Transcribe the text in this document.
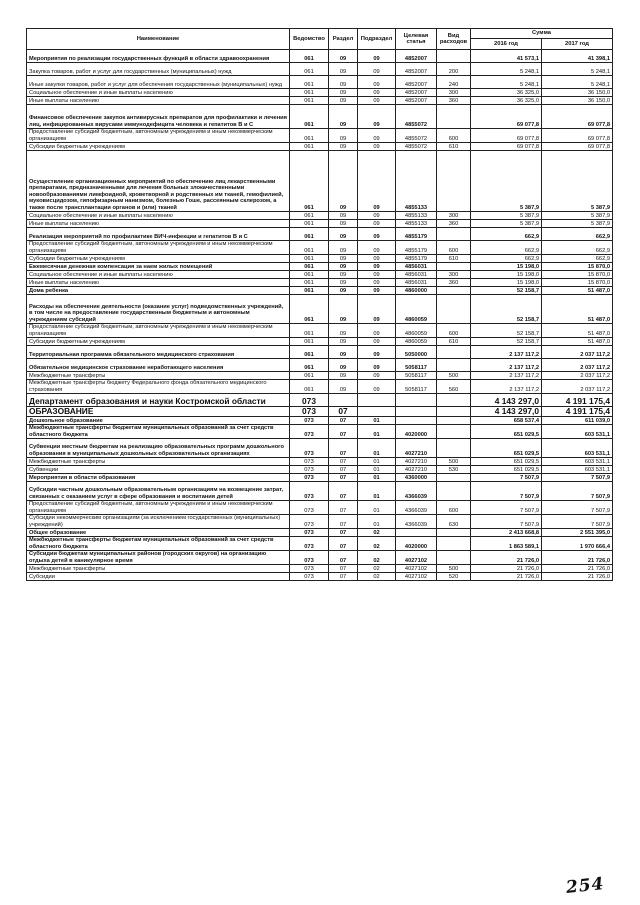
Наименование	Ведомство	Раздел	Подраздел	Целевая статья	Вид расходов	Сумма	
						2016 год	2017 год
Мероприятия по реализации государственных функций в области здравоохранения	061	09	09	4852007		41 573,1	41 398,1
Закупка товаров, работ и услуг для государственных (муниципальных) нужд	061	09	09	4852007	200	5 248,1	5 248,1
Иные закупки товаров, работ и услуг для обеспечения государственных (муниципальных) нужд	061	09	09	4852007	240	5 248,1	5 248,1
Социальное обеспечение и иные выплаты населению	061	09	09	4852007	300	36 325,0	36 150,0
Иные выплаты населению	061	09	09	4852007	360	36 325,0	36 150,0
Финансовое обеспечение закупок антивирусных препаратов для профилактики и лечения лиц, инфицированных вирусами иммунодефицита человека и гепатитов В и С	061	09	09	4855072		69 077,8	69 077,8
Предоставление субсидий бюджетным, автономным учреждениям и иным некоммерческим организациям	061	09	09	4855072	600	69 077,8	69 077,8
Субсидии бюджетным учреждениям	061	09	09	4855072	610	69 077,8	69 077,8
Осуществление организационных мероприятий по обеспечению лиц лекарственными препаратами, предназначенными для лечения больных злокачественными новообразованиями лимфоидной, кроветворной и родственных им тканей, гемофилией, муковисцидозом, гипофизарным нанизмом, болезнью Гоше, рассеянным склерозом, а также после трансплантации органов и (или) тканей	061	09	09	4855133		5 387,9	5 387,9
Социальное обеспечение и иные выплаты населению	061	09	09	4855133	300	5 387,9	5 387,9
Иные выплаты населению	061	09	09	4855133	360	5 387,9	5 387,9
Реализация мероприятий по профилактике ВИЧ-инфекции и гепатитов В и С	061	09	09	4855179		662,9	662,9
Предоставление субсидий бюджетным, автономным учреждениям и иным некоммерческим организациям	061	09	09	4855179	600	662,9	662,9
Субсидии бюджетным учреждениям	061	09	09	4855179	610	662,9	662,9
Ежемесячная денежная компенсация за наем жилых помещений	061	09	09	4856031		15 198,0	15 870,0
Социальное обеспечение и иные выплаты населению	061	09	09	4856031	300	15 198,0	15 870,0
Иные выплаты населению	061	09	09	4856031	360	15 198,0	15 870,0
Дома ребенка	061	09	09	4860000		52 158,7	51 487,0
Расходы на обеспечение деятельности (оказание услуг) подведомственных учреждений, в том числе на предоставление государственным бюджетным и автономным учреждениям субсидий	061	09	09	4860059		52 158,7	51 487,0
Предоставление субсидий бюджетным, автономным учреждениям и иным некоммерческим организациям	061	09	09	4860059	600	52 158,7	51 487,0
Субсидии бюджетным учреждениям	061	09	09	4860059	610	52 158,7	51 487,0
Территориальная программа обязательного медицинского страхования	061	09	09	5050000		2 137 117,2	2 037 117,2
Обязательное медицинское страхование неработающего населения	061	09	09	5058117		2 137 117,2	2 037 117,2
Межбюджетные трансферты	061	09	09	5058117	500	2 137 117,2	2 037 117,2
Межбюджетные трансферты бюджету Федерального фонда обязательного медицинского страхования	061	09	09	5058117	560	2 137 117,2	2 037 117,2
Департамент образования и науки Костромской области	073					4 143 297,0	4 191 175,4
ОБРАЗОВАНИЕ	073	07				4 143 297,0	4 191 175,4
Дошкольное образование	073	07	01			658 537,4	611 039,0
Межбюджетные трансферты бюджетам муниципальных образований за счет средств областного бюджета	073	07	01	4020000		651 029,5	603 531,1
Субвенции местным бюджетам на реализацию образовательных программ дошкольного образования в муниципальных дошкольных образовательных организациях	073	07	01	4027210		651 029,5	603 531,1
Межбюджетные трансферты	073	07	01	4027210	500	651 029,5	603 531,1
Субвенции	073	07	01	4027210	530	651 029,5	603 531,1
Мероприятия в области образования	073	07	01	4360000		7 507,9	7 507,9
Субсидии частным дошкольным образовательным организациям на возмещение затрат, связанных с оказанием услуг в сфере образования и воспитания детей	073	07	01	4366039		7 507,9	7 507,9
Предоставление субсидий бюджетным, автономным учреждениям и иным некоммерческим организациям	073	07	01	4366039	600	7 507,9	7 507,9
Субсидии некоммерческим организациям (за исключением государственных (муниципальных) учреждений)	073	07	01	4366039	630	7 507,9	7 507,9
Общее образование	073	07	02			2 413 668,8	2 551 395,0
Межбюджетные трансферты бюджетам муниципальных образований за счет средств областного бюджета	073	07	02	4020000		1 863 589,1	1 970 666,4
Субсидии бюджетам муниципальных районов (городских округов) на организацию отдыха детей в каникулярное время	073	07	02	4027102		21 726,0	21 726,0
Межбюджетные трансферты	073	07	02	4027102	500	21 726,0	21 726,0
Субсидии	073	07	02	4027102	520	21 726,0	21 726,0
254
